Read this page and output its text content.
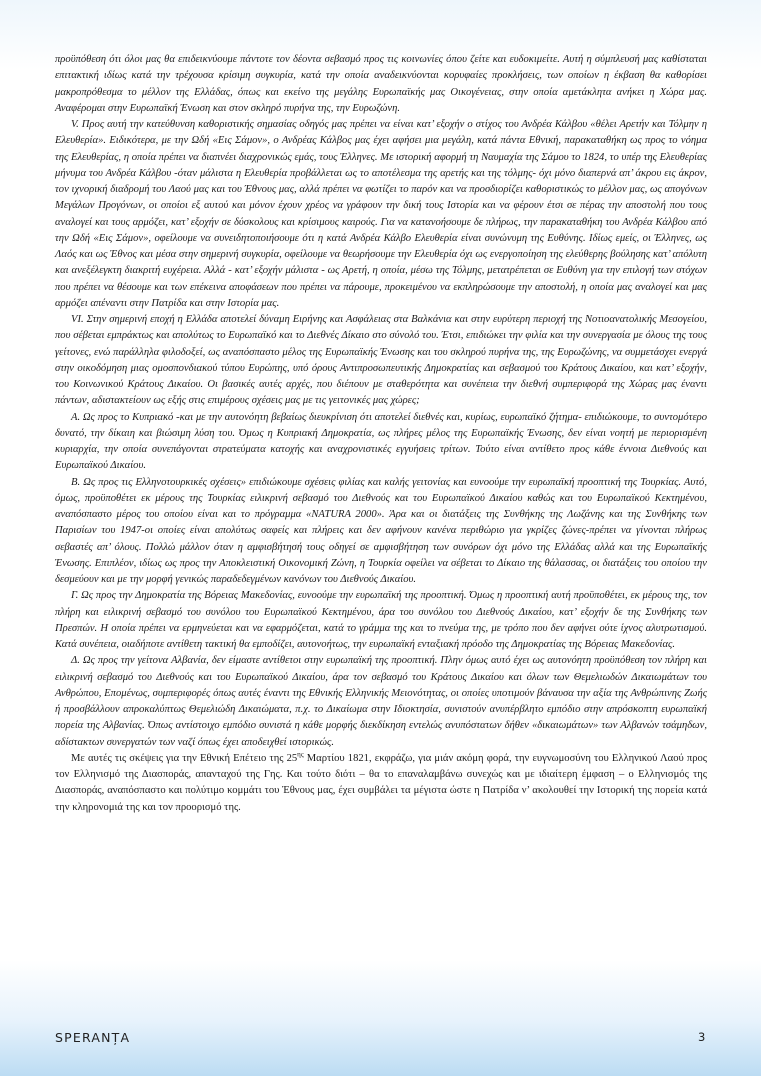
προϋπόθεση ότι όλοι μας θα επιδεικνύουμε πάντοτε τον δέοντα σεβασμό προς τις κοινωνίες όπου ζείτε και ευδοκιμείτε. Αυτή η σύμπλευσή μας καθίσταται επιτακτική ιδίως κατά την τρέχουσα κρίσιμη συγκυρία, κατά την οποία αναδεικνύονται κορυφαίες προκλήσεις, των οποίων η έκβαση θα καθορίσει μακροπρόθεσμα το μέλλον της Ελλάδας, όπως και εκείνο της μεγάλης Ευρωπαϊκής μας Οικογένειας, στην οποία αμετάκλητα ανήκει η Χώρα μας. Αναφέρομαι στην Ευρωπαϊκή Ένωση και στον σκληρό πυρήνα της, την Ευρωζώνη.

V. Προς αυτή την κατεύθυνση καθοριστικής σημασίας οδηγός μας πρέπει να είναι κατ’ εξοχήν ο στίχος του Ανδρέα Κάλβου «θέλει Αρετήν και Τόλμην η Ελευθερία». Ειδικότερα, με την Ωδή «Εις Σάμον», ο Ανδρέας Κάλβος μας έχει αφήσει μια μεγάλη, κατά πάντα Εθνική, παρακαταθήκη ως προς το νόημα της Ελευθερίας, η οποία πρέπει να διαπνέει διαχρονικώς εμάς, τους Έλληνες. Με ιστορική αφορμή τη Ναυμαχία της Σάμου το 1824, το υπέρ της Ελευθερίας μήνυμα του Ανδρέα Κάλβου -όταν μάλιστα η Ελευθερία προβάλλεται ως το αποτέλεσμα της αρετής και της τόλμης- όχι μόνο διαπερνά απ’ άκρου εις άκρον, τον ιχνορική διαδρομή του Λαού μας και του Έθνους μας, αλλά πρέπει να φωτίζει το παρόν και να προσδιορίζει καθοριστικώς το μέλλον μας, ως απογόνων Μεγάλων Προγόνων, οι οποίοι εξ αυτού και μόνον έχουν χρέος να γράφουν την δική τους Ιστορία και να φέρουν έτσι σε πέρας την αποστολή που τους αναλογεί και τους αρμόζει, κατ’ εξοχήν σε δύσκολους και κρίσιμους καιρούς. Για να κατανοήσουμε δε πλήρως, την παρακαταθήκη του Ανδρέα Κάλβου από την Ωδή «Εις Σάμον», οφείλουμε να συνειδητοποιήσουμε ότι η κατά Ανδρέα Κάλβο Ελευθερία είναι συνώνυμη της Ευθύνης. Ιδίως εμείς, οι Έλληνες, ως Λαός και ως Έθνος και μέσα στην σημερινή συγκυρία, οφείλουμε να θεωρήσουμε την Ελευθερία όχι ως ενεργοποίηση της ελεύθερης βούλησης κατ’ απόλυτη και ανεξέλεγκτη διακριτή ευχέρεια. Αλλά - κατ’ εξοχήν μάλιστα - ως Αρετή, η οποία, μέσω της Τόλμης, μετατρέπεται σε Ευθύνη για την επιλογή των στόχων που πρέπει να θέσουμε και των επέκεινα αποφάσεων που πρέπει να πάρουμε, προκειμένου να εκπληρώσουμε την αποστολή, η οποία μας αναλογεί και μας αρμόζει απέναντι στην Πατρίδα και στην Ιστορία μας.

VI. Στην σημερινή εποχή η Ελλάδα αποτελεί δύναμη Ειρήνης και Ασφάλειας στα Βαλκάνια και στην ευρύτερη περιοχή της Νοτιοανατολικής Μεσογείου, που σέβεται εμπράκτως και απολύτως το Ευρωπαϊκό και το Διεθνές Δίκαιο στο σύνολό του. Έτσι, επιδιώκει την φιλία και την συνεργασία με όλους της τους γείτονες, ενώ παράλληλα φιλοδοξεί, ως αναπόσπαστο μέλος της Ευρωπαϊκής Ένωσης και του σκληρού πυρήνα της, της Ευρωζώνης, να συμμετάσχει ενεργά στην οικοδόμηση μιας ομοσπονδιακού τύπου Ευρώπης, υπό όρους Αντιπροσωπευτικής Δημοκρατίας και σεβασμού του Κράτους Δικαίου, και κατ’ εξοχήν, του Κοινωνικού Κράτους Δικαίου. Οι βασικές αυτές αρχές, που διέπουν με σταθερότητα και συνέπεια την διεθνή συμπεριφορά της Χώρας μας έναντι πάντων, αδιστακτείουν ως εξής στις επιμέρους σχέσεις μας με τις γειτονικές μας χώρες;

Α. Ως προς το Κυπριακό -και με την αυτονόητη βεβαίως διευκρίνιση ότι αποτελεί διεθνές και, κυρίως, ευρωπαϊκό ζήτημα- επιδιώκουμε, το συντομότερο δυνατό, την δίκαιη και βιώσιμη λύση του. Όμως η Κυπριακή Δημοκρατία, ως πλήρες μέλος της Ευρωπαϊκής Ένωσης, δεν είναι νοητή με περιορισμένη κυριαρχία, την οποία συνεπάγονται στρατεύματα κατοχής και αναχρονιστικές εγγυήσεις τρίτων. Τούτο είναι αντίθετο προς κάθε έννοια Διεθνούς και Ευρωπαϊκού Δικαίου.

Β. Ως προς τις Ελληνοτουρκικές σχέσεις» επιδιώκουμε σχέσεις φιλίας και καλής γειτονίας και ευνοούμε την ευρωπαϊκή προοπτική της Τουρκίας. Αυτό, όμως, προϋποθέτει εκ μέρους της Τουρκίας ειλικρινή σεβασμό του Διεθνούς και του Ευρωπαϊκού Δικαίου καθώς και του Ευρωπαϊκού Κεκτημένου, αναπόσπαστο μέρος του οποίου είναι και το πρόγραμμα «NATURA 2000». Άρα και οι διατάξεις της Συνθήκης της Λωζάνης και της Συνθήκης των Παρισίων του 1947-οι οποίες είναι απολύτως σαφείς και πλήρεις και δεν αφήνουν κανένα περιθώριο για γκρίζες ζώνες-πρέπει να γίνονται πλήρως σεβαστές απ’ όλους. Πολλώ μάλλον όταν η αμφισβήτησή τους οδηγεί σε αμφισβήτηση των συνόρων όχι μόνο της Ελλάδας αλλά και της Ευρωπαϊκής Ένωσης. Επιπλέον, ιδίως ως προς την Αποκλειστική Οικονομική Ζώνη, η Τουρκία οφείλει να σέβεται το Δίκαιο της θάλασσας, οι διατάξεις του οποίου την δεσμεύουν και με την μορφή γενικώς παραδεδεγμένων κανόνων του Διεθνούς Δικαίου.

Γ. Ως προς την Δημοκρατία της Βόρειας Μακεδονίας, ευνοούμε την ευρωπαϊκή της προοπτική. Όμως η προοπτική αυτή προϋποθέτει, εκ μέρους της, τον πλήρη και ειλικρινή σεβασμό του συνόλου του Ευρωπαϊκού Κεκτημένου, άρα του συνόλου του Διεθνούς Δικαίου, κατ’ εξοχήν δε της Συνθήκης των Πρεσπών. Η οποία πρέπει να ερμηνεύεται και να εφαρμόζεται, κατά το γράμμα της και το πνεύμα της, με τρόπο που δεν αφήνει ούτε ίχνος αλυτρωτισμού. Κατά συνέπεια, οιαδήποτε αντίθετη τακτική θα εμποδίζει, αυτονοήτως, την ευρωπαϊκή ενταξιακή πρόοδο της Δημοκρατίας της Βόρειας Μακεδονίας.

Δ. Ως προς την γείτονα Αλβανία, δεν είμαστε αντίθετοι στην ευρωπαϊκή της προοπτική. Πλην όμως αυτό έχει ως αυτονόητη προϋπόθεση τον πλήρη και ειλικρινή σεβασμό του Διεθνούς και του Ευρωπαϊκού Δικαίου, άρα τον σεβασμό του Κράτους Δικαίου και όλων των Θεμελιωδών Δικαιωμάτων του Ανθρώπου, Επομένως, συμπεριφορές όπως αυτές έναντι της Εθνικής Ελληνικής Μειονότητας, οι οποίες υποτιμούν βάναυσα την αξία της Ανθρώπινης Ζωής ή προσβάλλουν απροκαλύπτως Θεμελιώδη Δικαιώματα, π.χ. το Δικαίωμα στην Ιδιοκτησία, συνιστούν ανυπέρβλητο εμπόδιο στην απρόσκοπτη ευρωπαϊκή πορεία της Αλβανίας. Όπως αντίστοιχο εμπόδιο συνιστά η κάθε μορφής διεκδίκηση εντελώς ανυπόστατων δήθεν «δικαιωμάτων» των Αλβανών τσάμηδων, αδίστακτων συνεργατών των ναζί όπως έχει αποδειχθεί ιστορικώς.

Με αυτές τις σκέψεις για την Εθνική Επέτειο της $25^{\eta\varsigma}$ Μαρτίου 1821, εκφράζω, για μιάν ακόμη φορά, την ευγνωμοσύνη του Ελληνικού Λαού προς τον Ελληνισμό της Διασποράς, απανταχού της Γης. Και τούτο διότι – θα το επαναλαμβάνω συνεχώς και με ιδιαίτερη έμφαση – ο Ελληνισμός της Διασποράς, αναπόσπαστο και πολύτιμο κομμάτι του Έθνους μας, έχει συμβάλει τα μέγιστα ώστε η Πατρίδα ν’ ακολουθεί την Ιστορική της πορεία κατά την κληρονομιά της και τον προορισμό της.

SPERANȚA	3
